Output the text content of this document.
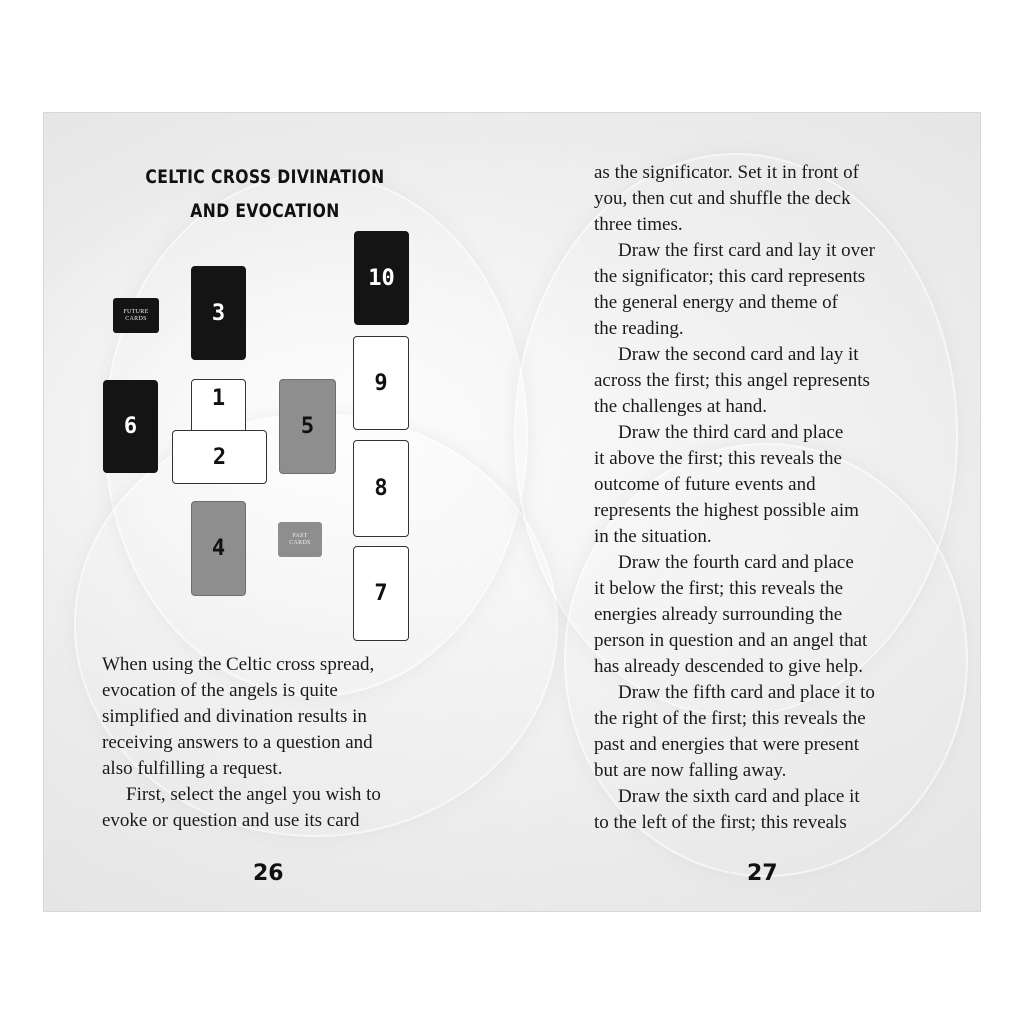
CELTIC CROSS DIVINATION
AND EVOCATION
FUTURE
CARDS	3
6
1
2
5
4
PAST
CARDS
10
9
8
7
When using the Celtic cross spread,
evocation of the angels is quite
simplified and divination results in
receiving answers to a question and
also fulfilling a request.
First, select the angel you wish to
evoke or question and use its card
26
as the significator. Set it in front of
you, then cut and shuffle the deck
three times.
Draw the first card and lay it over
the significator; this card represents
the general energy and theme of
the reading.
Draw the second card and lay it
across the first; this angel represents
the challenges at hand.
Draw the third card and place
it above the first; this reveals the
outcome of future events and
represents the highest possible aim
in the situation.
Draw the fourth card and place
it below the first; this reveals the
energies already surrounding the
person in question and an angel that
has already descended to give help.
Draw the fifth card and place it to
the right of the first; this reveals the
past and energies that were present
but are now falling away.
Draw the sixth card and place it
to the left of the first; this reveals
27
